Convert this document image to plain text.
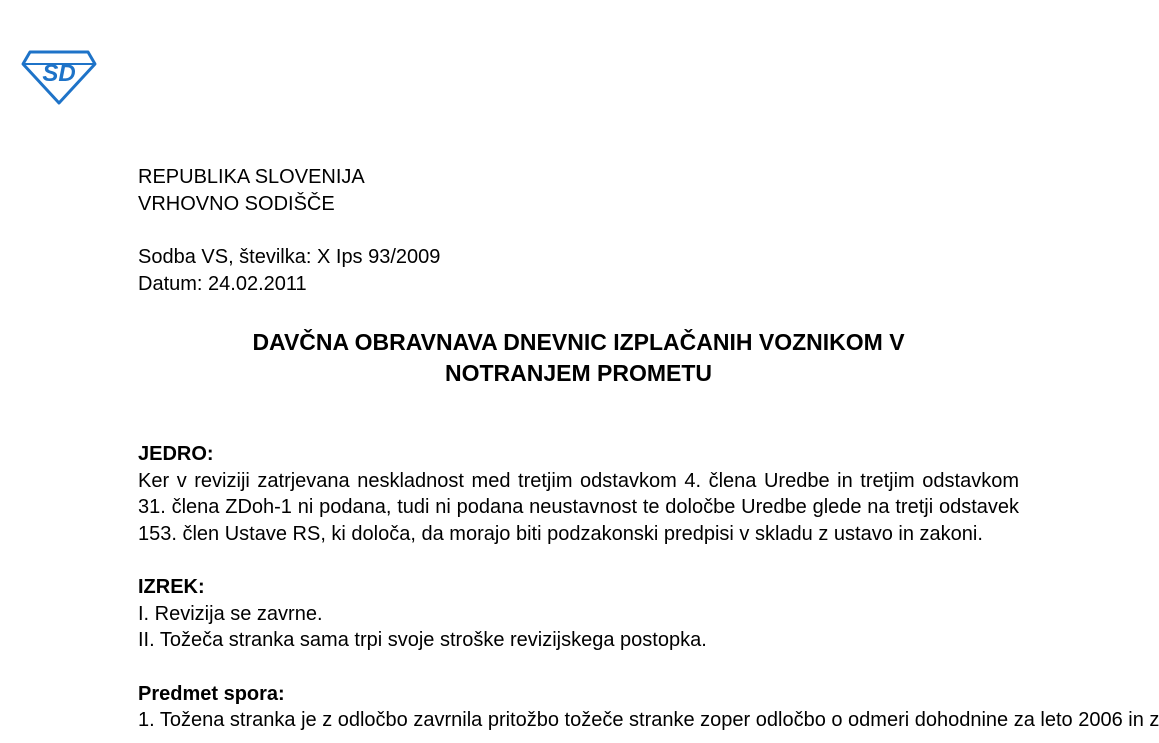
SD
REPUBLIKA SLOVENIJA
VRHOVNO SODIŠČE
Sodba VS, številka: X Ips 93/2009
Datum: 24.02.2011
DAVČNA OBRAVNAVA DNEVNIC IZPLAČANIH VOZNIKOM V
NOTRANJEM PROMETU
JEDRO:
Ker v reviziji zatrjevana neskladnost med tretjim odstavkom 4. člena Uredbe in tretjim odstavkom 31. člena ZDoh-1 ni podana, tudi ni podana neustavnost te določbe Uredbe glede na tretji odstavek 153. člen Ustave RS, ki določa, da morajo biti podzakonski predpisi v skladu z ustavo in zakoni.
IZREK:
I. Revizija se zavrne.
II. Tožeča stranka sama trpi svoje stroške revizijskega postopka.
Predmet spora:
1. Tožena stranka je z odločbo zavrnila pritožbo tožeče stranke zoper odločbo o odmeri dohodnine za leto 2006 in z
